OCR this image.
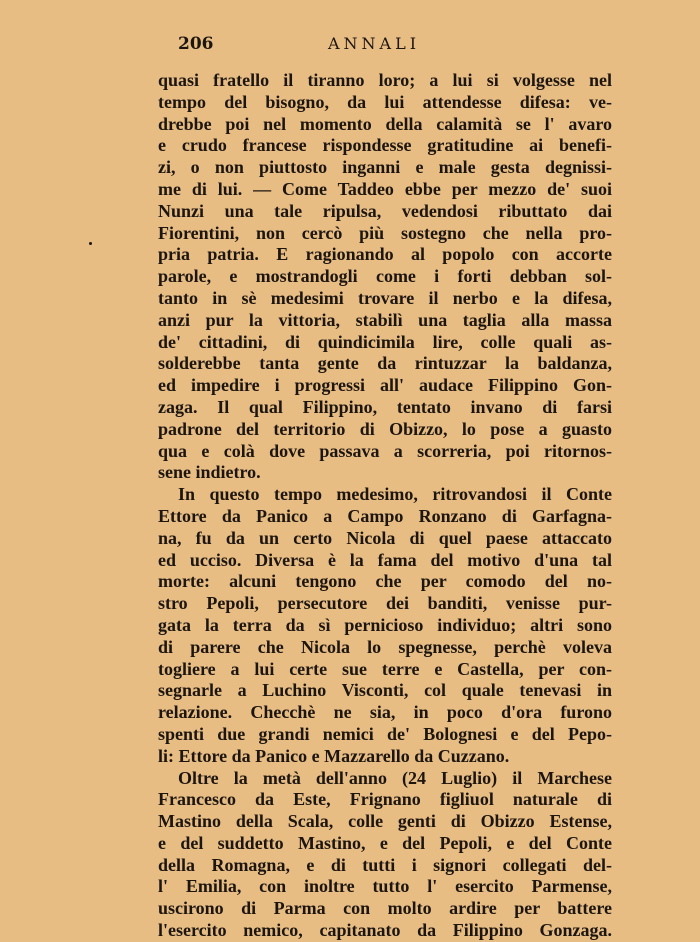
206	ANNALI
quasi fratello il tiranno loro; a lui si volgesse nel
tempo del bisogno, da lui attendesse difesa: ve-
drebbe poi nel momento della calamità se l' avaro
e crudo francese rispondesse gratitudine ai benefi-
zi, o non piuttosto inganni e male gesta degnissi-
me di lui. — Come Taddeo ebbe per mezzo de' suoi
Nunzi una tale ripulsa, vedendosi ributtato dai
Fiorentini, non cercò più sostegno che nella pro-
pria patria. E ragionando al popolo con accorte
parole, e mostrandogli come i forti debban sol-
tanto in sè medesimi trovare il nerbo e la difesa,
anzi pur la vittoria, stabilì una taglia alla massa
de' cittadini, di quindicimila lire, colle quali as-
solderebbe tanta gente da rintuzzar la baldanza,
ed impedire i progressi all' audace Filippino Gon-
zaga. Il qual Filippino, tentato invano di farsi
padrone del territorio di Obizzo, lo pose a guasto
qua e colà dove passava a scorreria, poi ritornos-
sene indietro.
In questo tempo medesimo, ritrovandosi il Conte
Ettore da Panico a Campo Ronzano di Garfagna-
na, fu da un certo Nicola di quel paese attaccato
ed ucciso. Diversa è la fama del motivo d'una tal
morte: alcuni tengono che per comodo del no-
stro Pepoli, persecutore dei banditi, venisse pur-
gata la terra da sì pernicioso individuo; altri sono
di parere che Nicola lo spegnesse, perchè voleva
togliere a lui certe sue terre e Castella, per con-
segnarle a Luchino Visconti, col quale tenevasi in
relazione. Checchè ne sia, in poco d'ora furono
spenti due grandi nemici de' Bolognesi e del Pepo-
li: Ettore da Panico e Mazzarello da Cuzzano.
Oltre la metà dell'anno (24 Luglio) il Marchese
Francesco da Este, Frignano figliuol naturale di
Mastino della Scala, colle genti di Obizzo Estense,
e del suddetto Mastino, e del Pepoli, e del Conte
della Romagna, e di tutti i signori collegati del-
l' Emilia, con inoltre tutto l' esercito Parmense,
uscirono di Parma con molto ardire per battere
l'esercito nemico, capitanato da Filippino Gonzaga.
